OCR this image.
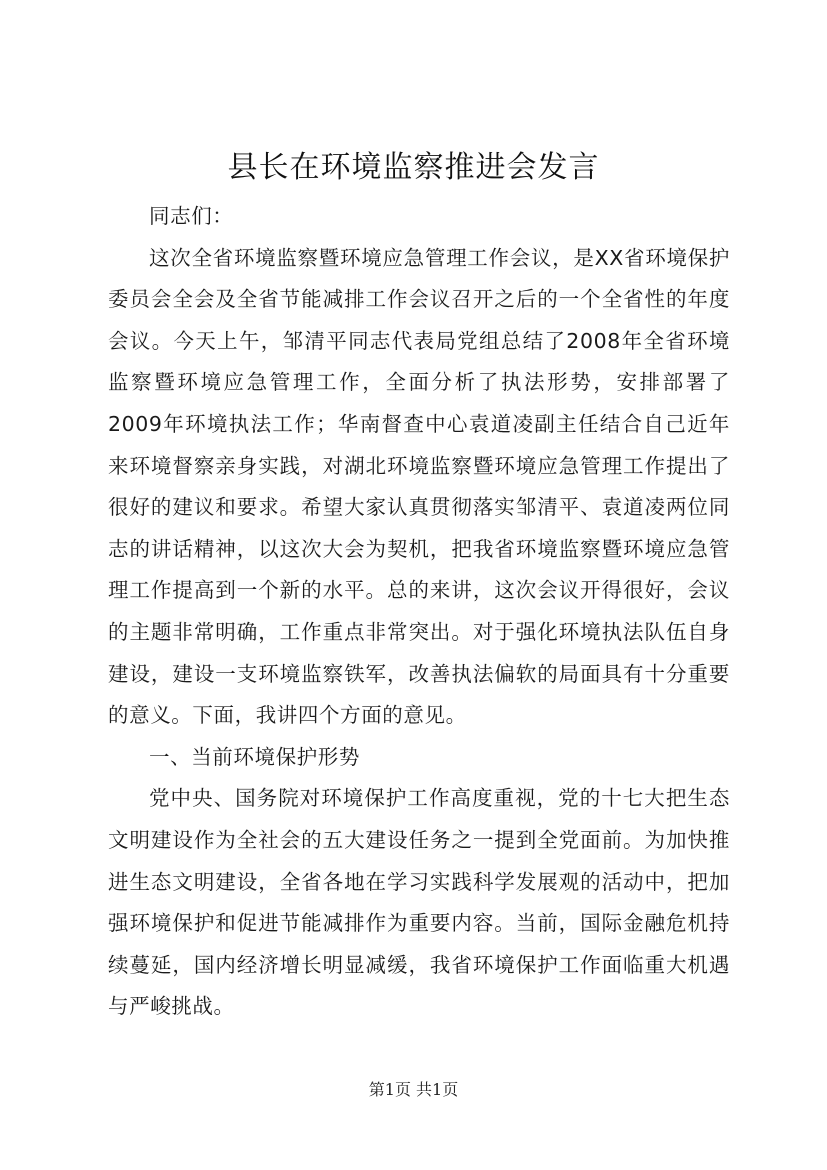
县长在环境监察推进会发言

同志们：

这次全省环境监察暨环境应急管理工作会议，是XX省环境保护委员会全会及全省节能减排工作会议召开之后的一个全省性的年度会议。今天上午，邹清平同志代表局党组总结了2008年全省环境监察暨环境应急管理工作，全面分析了执法形势，安排部署了2009年环境执法工作；华南督查中心袁道凌副主任结合自己近年来环境督察亲身实践，对湖北环境监察暨环境应急管理工作提出了很好的建议和要求。希望大家认真贯彻落实邹清平、袁道凌两位同志的讲话精神，以这次大会为契机，把我省环境监察暨环境应急管理工作提高到一个新的水平。总的来讲，这次会议开得很好，会议的主题非常明确，工作重点非常突出。对于强化环境执法队伍自身建设，建设一支环境监察铁军，改善执法偏软的局面具有十分重要的意义。下面，我讲四个方面的意见。

一、当前环境保护形势

党中央、国务院对环境保护工作高度重视，党的十七大把生态文明建设作为全社会的五大建设任务之一提到全党面前。为加快推进生态文明建设，全省各地在学习实践科学发展观的活动中，把加强环境保护和促进节能减排作为重要内容。当前，国际金融危机持续蔓延，国内经济增长明显减缓，我省环境保护工作面临重大机遇与严峻挑战。

第1页 共1页
